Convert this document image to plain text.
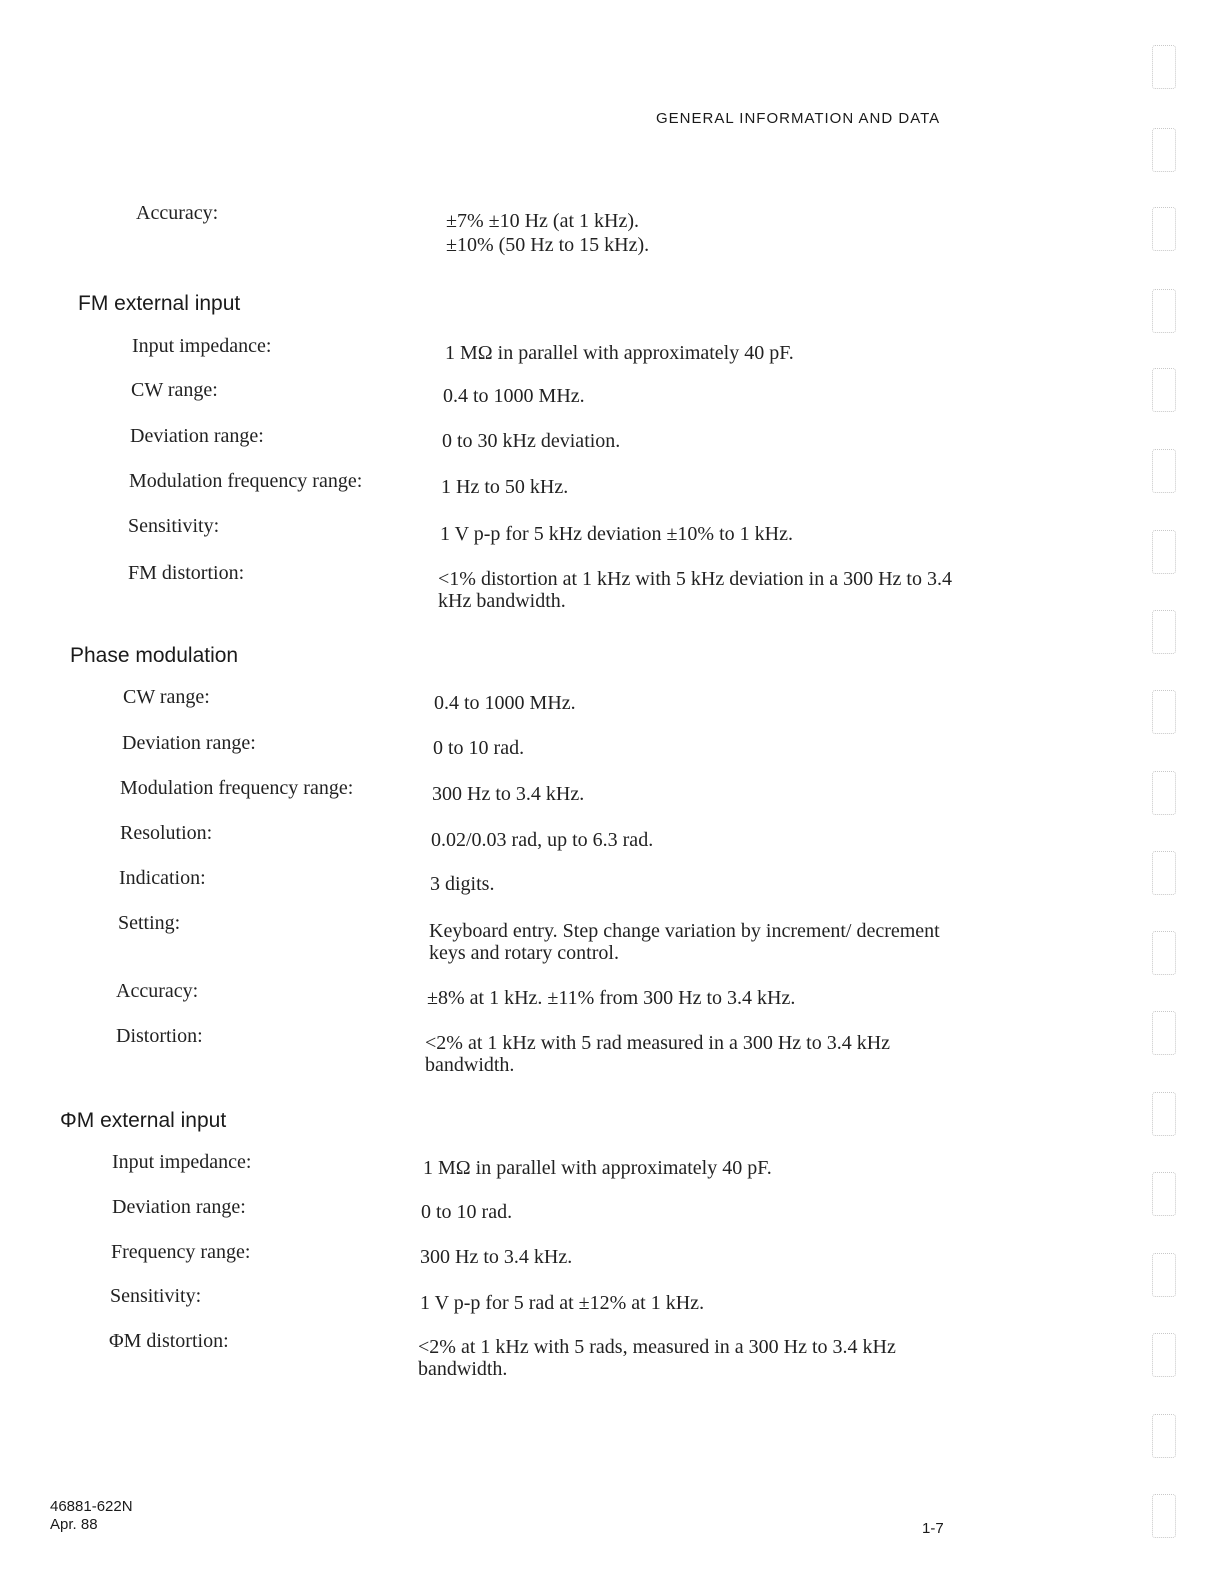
GENERAL INFORMATION AND DATA
Accuracy:	±7% ±10 Hz (at 1 kHz).
±10% (50 Hz to 15 kHz).
FM external input
Input impedance:	1 MΩ in parallel with approximately 40 pF.
CW range:	0.4 to 1000 MHz.
Deviation range:	0 to 30 kHz deviation.
Modulation frequency range:	1 Hz to 50 kHz.
Sensitivity:	1 V p-p for 5 kHz deviation ±10% to 1 kHz.
FM distortion:	<1% distortion at 1 kHz with 5 kHz deviation in a 300 Hz to 3.4 kHz bandwidth.
Phase modulation
CW range:	0.4 to 1000 MHz.
Deviation range:	0 to 10 rad.
Modulation frequency range:	300 Hz to 3.4 kHz.
Resolution:	0.02/0.03 rad, up to 6.3 rad.
Indication:	3 digits.
Setting:	Keyboard entry. Step change variation by increment/ decrement keys and rotary control.
Accuracy:	±8% at 1 kHz. ±11% from 300 Hz to 3.4 kHz.
Distortion:	<2% at 1 kHz with 5 rad measured in a 300 Hz to 3.4 kHz bandwidth.
ΦM external input
Input impedance:	1 MΩ in parallel with approximately 40 pF.
Deviation range:	0 to 10 rad.
Frequency range:	300 Hz to 3.4 kHz.
Sensitivity:	1 V p-p for 5 rad at ±12% at 1 kHz.
ΦM distortion:	<2% at 1 kHz with 5 rads, measured in a 300 Hz to 3.4 kHz bandwidth.
46881-622N
Apr. 88	1-7
